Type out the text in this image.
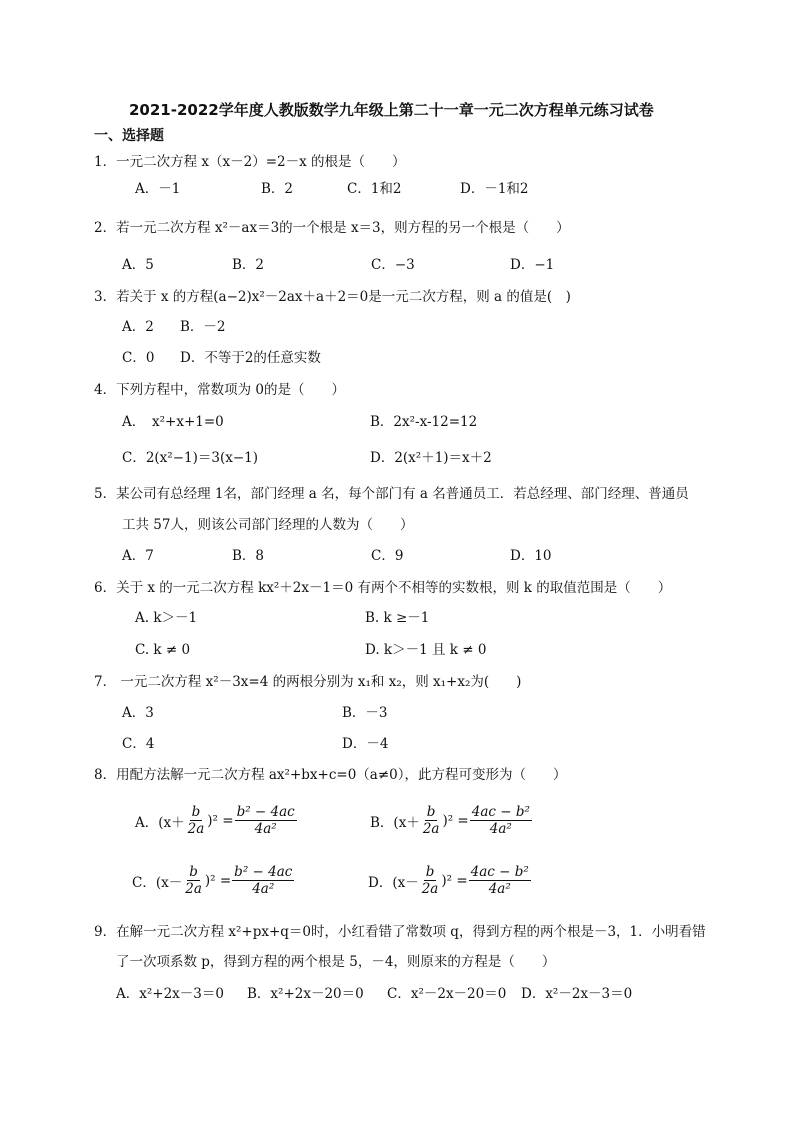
2021-2022学年度人教版数学九年级上第二十一章一元二次方程单元练习试卷
一、选择题
1．一元二次方程 x（x－2）=2－x 的根是（　　）
A．－1	B．2	C．1和2	D．－1和2
2．若一元二次方程 x²－ax＝3的一个根是 x＝3，则方程的另一个根是（　　）
A．5	B．2	C．−3	D．−1
3．若关于 x 的方程(a−2)x²－2ax＋a＋2＝0是一元二次方程，则 a 的值是(　)
A．2 B．－2
C．0 D．不等于2的任意实数
4．下列方程中，常数项为 0的是（　　）
A．　x²+x+1=0	B．2x²-x-12=12
C．2(x²−1)＝3(x−1)	D．2(x²＋1)＝x＋2
5．某公司有总经理 1名，部门经理 a 名，每个部门有 a 名普通员工．若总经理、部门经理、普通员
工共 57人，则该公司部门经理的人数为（　　）
A．7	B．8	C．9	D．10
6．关于 x 的一元二次方程 kx²＋2x－1＝0 有两个不相等的实数根，则 k 的取值范围是（　　）
A. k＞－1	B. k ≥－1
C. k ≠ 0	D. k＞－1 且 k ≠ 0
7． 一元二次方程 x²－3x=4 的两根分别为 x₁和 x₂，则 x₁+x₂为(　　)
A．3	B．－3
C．4	D．－4
8．用配方法解一元二次方程 ax²+bx+c=0（a≠0），此方程可变形为（　　）
A． $(x+ \frac{b}{2a} )^2 = \frac{\text{b² − 4ac}}{\text{4a²}}$	B． $(x+ \frac{b}{2a} )^2 = \frac{\text{4ac − b²}}{\text{4a²}}$
C． $(x- \frac{b}{2a} )^2 = \frac{\text{b² − 4ac}}{\text{4a²}}$	D． $(x- \frac{b}{2a} )^2 = \frac{\text{4ac − b²}}{\text{4a²}}$
9．在解一元二次方程 x²+px+q＝0时，小红看错了常数项 q，得到方程的两个根是－3，1．小明看错
了一次项系数 p，得到方程的两个根是 5，－4，则原来的方程是（　　）
A．x²+2x－3＝0 B．x²+2x－20＝0 C．x²－2x－20＝0 D．x²－2x－3＝0
